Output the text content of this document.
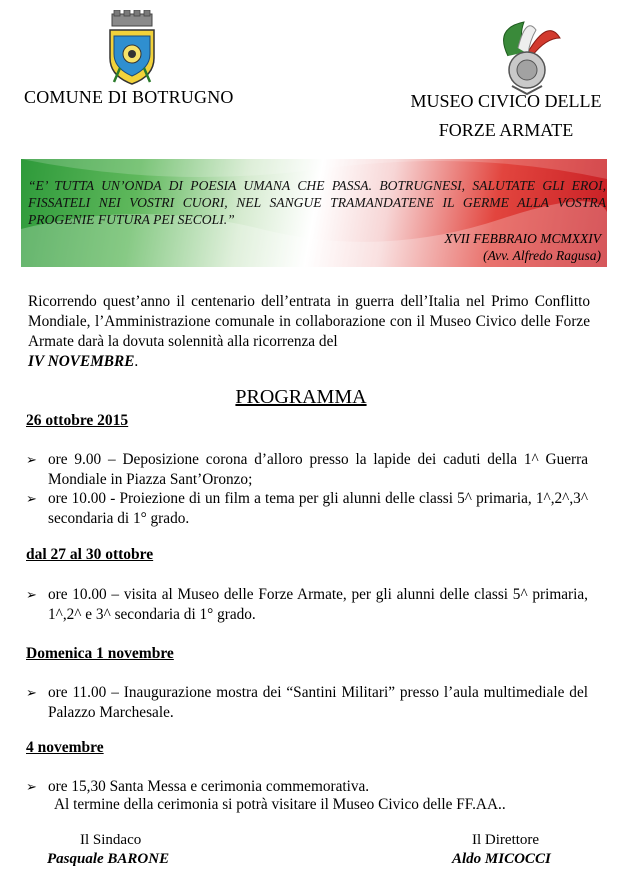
COMUNE DI BOTRUGNO	MUSEO CIVICO DELLE
FORZE ARMATE
“E’ TUTTA UN’ONDA DI POESIA UMANA CHE PASSA. BOTRUGNESI, SALUTATE GLI EROI, FISSATELI NEI VOSTRI CUORI, NEL SANGUE TRAMANDATENE IL GERME ALLA VOSTRA PROGENIE FUTURA PEI SECOLI.”
XVII FEBBRAIO MCMXXIV
(Avv. Alfredo Ragusa)
Ricorrendo quest’anno il centenario dell’entrata in guerra dell’Italia nel Primo Conflitto Mondiale, l’Amministrazione comunale in collaborazione con il Museo Civico delle Forze Armate darà la dovuta solennità alla ricorrenza del
IV NOVEMBRE.
PROGRAMMA
26 ottobre 2015
➢ ore 9.00 – Deposizione corona d’alloro presso la lapide dei caduti della 1^ Guerra Mondiale in Piazza Sant’Oronzo;
➢ ore 10.00 - Proiezione di un film a tema per gli alunni delle classi 5^ primaria, 1^,2^,3^ secondaria di 1° grado.
dal 27 al 30 ottobre
➢ ore 10.00 – visita al Museo delle Forze Armate, per gli alunni delle classi 5^ primaria, 1^,2^ e 3^ secondaria di 1° grado.
Domenica 1 novembre
➢ ore 11.00 – Inaugurazione mostra dei “Santini Militari” presso l’aula multimediale del Palazzo Marchesale.
4 novembre
➢ ore 15,30 Santa Messa e cerimonia commemorativa.
Al termine della cerimonia si potrà visitare il Museo Civico delle FF.AA..
Il Sindaco
Pasquale BARONE
Il Direttore
Aldo MICOCCI
